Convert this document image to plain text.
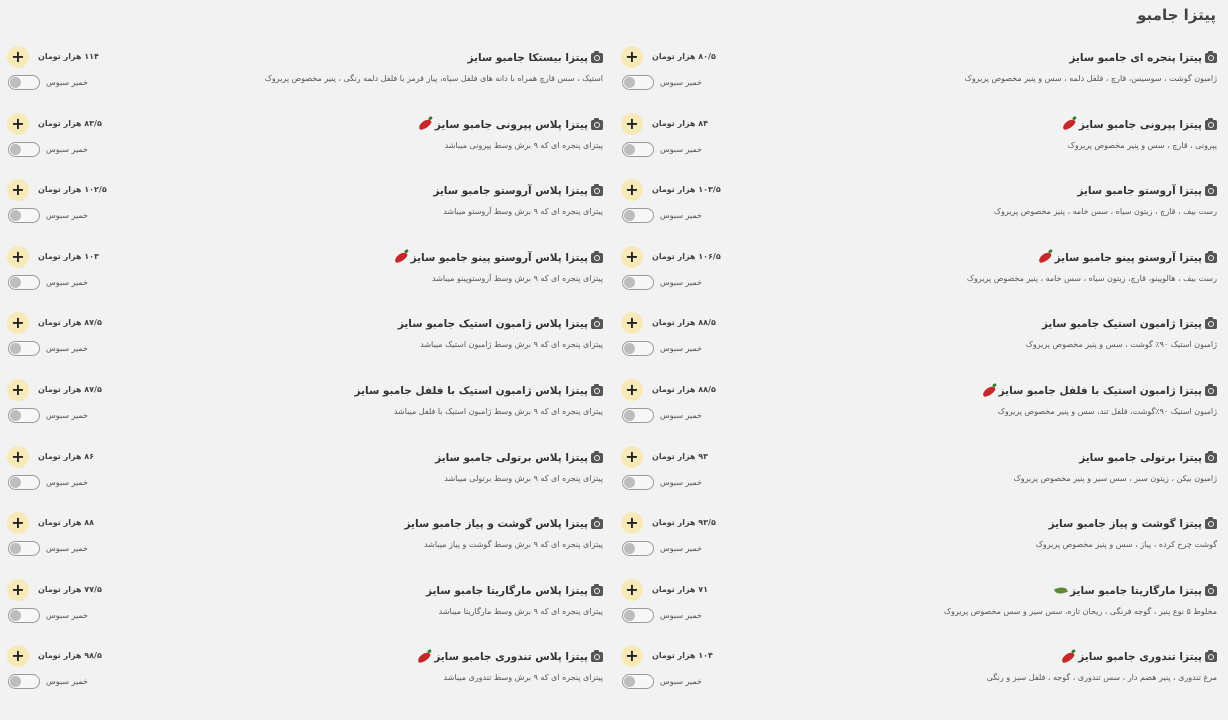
پیتزا جامبو
پیتزا پنجره ای جامبو سایز
ژامبون گوشت ، سوسیس، قارچ ، فلفل دلمه ، سس و پنیر مخصوص پریروک
+	۸۰/۵ هزار تومان
خمیر سبوس
پیتزا بیستکا جامبو سایز
استیک ، سس قارچ همراه با دانه های فلفل سیاه، پیاز قرمز با فلفل دلمه رنگی ، پنیر مخصوص پریروک
+	۱۱۴ هزار تومان
خمیر سبوس
پیتزا پپرونی جامبو سایز
پپرونی ، قارچ ، سس و پنیر مخصوص پریروک
+	۸۴ هزار تومان
خمیر سبوس
پیتزا پلاس پپرونی جامبو سایز
پیتزای پنجره ای که ۹ برش وسط پپرونی میباشد
+	۸۳/۵ هزار تومان
خمیر سبوس
پیتزا آروستو جامبو سایز
رست بیف ، قارچ ، زیتون سیاه ، سس خامه ، پنیر مخصوص پریروک
+	۱۰۳/۵ هزار تومان
خمیر سبوس
پیتزا پلاس آروستو جامبو سایز
پیتزای پنجره ای که ۹ برش وسط آروستو میباشد
+	۱۰۲/۵ هزار تومان
خمیر سبوس
پیتزا آروستو پینو جامبو سایز
رست بیف ، هالوپینو، قارچ، زیتون سیاه ، سس خامه ، پنیر مخصوص پریروک
+	۱۰۶/۵ هزار تومان
خمیر سبوس
پیتزا پلاس آروستو پینو جامبو سایز
پیتزای پنجره ای که ۹ برش وسط آروستوپینو میباشد
+	۱۰۳ هزار تومان
خمیر سبوس
پیتزا ژامبون استیک جامبو سایز
ژامبون استیک ۹۰٪ گوشت ، سس و پنیر مخصوص پریروک
+	۸۸/۵ هزار تومان
خمیر سبوس
پیتزا پلاس ژامبون استیک جامبو سایز
پیتزای پنجره ای که ۹ برش وسط ژامبون استیک میباشد
+	۸۷/۵ هزار تومان
خمیر سبوس
پیتزا ژامبون استیک با فلفل جامبو سایز
ژامبون استیک ۹۰٪گوشت، فلفل تند، سس و پنیر مخصوص پریروک
+	۸۸/۵ هزار تومان
خمیر سبوس
پیتزا پلاس ژامبون استیک با فلفل جامبو سایز
پیتزای پنجره ای که ۹ برش وسط ژامبون استیک با فلفل میباشد
+	۸۷/۵ هزار تومان
خمیر سبوس
پیتزا برتولی جامبو سایز
ژامبون بیکن ، زیتون سبز ، سس سیر و پنیر مخصوص پریروک
+	۹۳ هزار تومان
خمیر سبوس
پیتزا پلاس برتولی جامبو سایز
پیتزای پنجره ای که ۹ برش وسط برتولی میباشد
+	۸۶ هزار تومان
خمیر سبوس
پیتزا گوشت و پیاز جامبو سایز
گوشت چرخ کرده ، پیاز ، سس و پنیر مخصوص پریروک
+	۹۳/۵ هزار تومان
خمیر سبوس
پیتزا پلاس گوشت و پیاز جامبو سایز
پیتزای پنجره ای که ۹ برش وسط گوشت و پیاز میباشد
+	۸۸ هزار تومان
خمیر سبوس
پیتزا مارگاریتا جامبو سایز
مخلوط ۵ نوع پنیر ، گوجه فرنگی ، ریحان تازه، سس سیر و سس مخصوص پریروک
+	۷۱ هزار تومان
خمیر سبوس
پیتزا پلاس مارگاریتا جامبو سایز
پیتزای پنجره ای که ۹ برش وسط مارگاریتا میباشد
+	۷۷/۵ هزار تومان
خمیر سبوس
پیتزا تندوری جامبو سایز
مرغ تندوری ، پنیر هضم دار ، سس تندوری ، گوجه ، فلفل سبز و رنگی
+	۱۰۴ هزار تومان
خمیر سبوس
پیتزا پلاس تندوری جامبو سایز
پیتزای پنجره ای که ۹ برش وسط تندوری میباشد
+	۹۸/۵ هزار تومان
خمیر سبوس
